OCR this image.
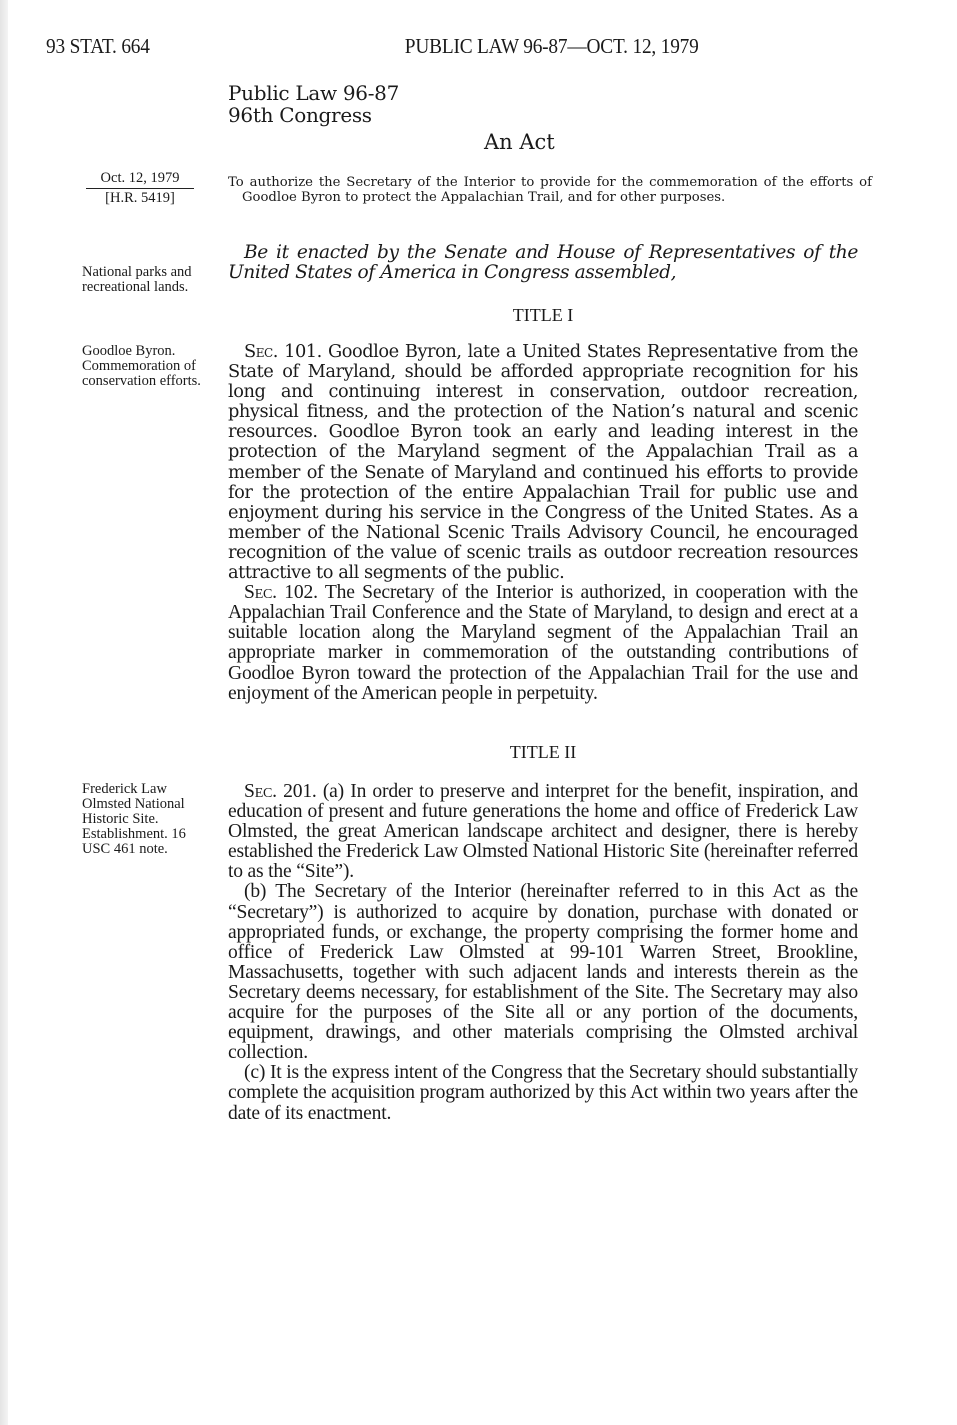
93 STAT. 664	PUBLIC LAW 96-87—OCT. 12, 1979
Public Law 96-87
96th Congress
An Act
Oct. 12, 1979
[H.R. 5419]
To authorize the Secretary of the Interior to provide for the commemoration of the efforts of Goodloe Byron to protect the Appalachian Trail, and for other purposes.
National parks and recreational lands.
Be it enacted by the Senate and House of Representatives of the United States of America in Congress assembled,
TITLE I
Goodloe Byron. Commemoration of conservation efforts.

Sec. 101. Goodloe Byron, late a United States Representative from the State of Maryland, should be afforded appropriate recognition for his long and continuing interest in conservation, outdoor recreation, physical fitness, and the protection of the Nation’s natural and scenic resources. Goodloe Byron took an early and leading interest in the protection of the Maryland segment of the Appalachian Trail as a member of the Senate of Maryland and continued his efforts to provide for the protection of the entire Appalachian Trail for public use and enjoyment during his service in the Congress of the United States. As a member of the National Scenic Trails Advisory Council, he encouraged recognition of the value of scenic trails as outdoor recreation resources attractive to all segments of the public.

Sec. 102. The Secretary of the Interior is authorized, in cooperation with the Appalachian Trail Conference and the State of Maryland, to design and erect at a suitable location along the Maryland segment of the Appalachian Trail an appropriate marker in commemoration of the outstanding contributions of Goodloe Byron toward the protection of the Appalachian Trail for the use and enjoyment of the American people in perpetuity.

TITLE II
Frederick Law Olmsted National Historic Site. Establishment. 16 USC 461 note.

Sec. 201. (a) In order to preserve and interpret for the benefit, inspiration, and education of present and future generations the home and office of Frederick Law Olmsted, the great American landscape architect and designer, there is hereby established the Frederick Law Olmsted National Historic Site (hereinafter referred to as the “Site”).

(b) The Secretary of the Interior (hereinafter referred to in this Act as the “Secretary”) is authorized to acquire by donation, purchase with donated or appropriated funds, or exchange, the property comprising the former home and office of Frederick Law Olmsted at 99-101 Warren Street, Brookline, Massachusetts, together with such adjacent lands and interests therein as the Secretary deems necessary, for establishment of the Site. The Secretary may also acquire for the purposes of the Site all or any portion of the documents, equipment, drawings, and other materials comprising the Olmsted archival collection.

(c) It is the express intent of the Congress that the Secretary should substantially complete the acquisition program authorized by this Act within two years after the date of its enactment.
